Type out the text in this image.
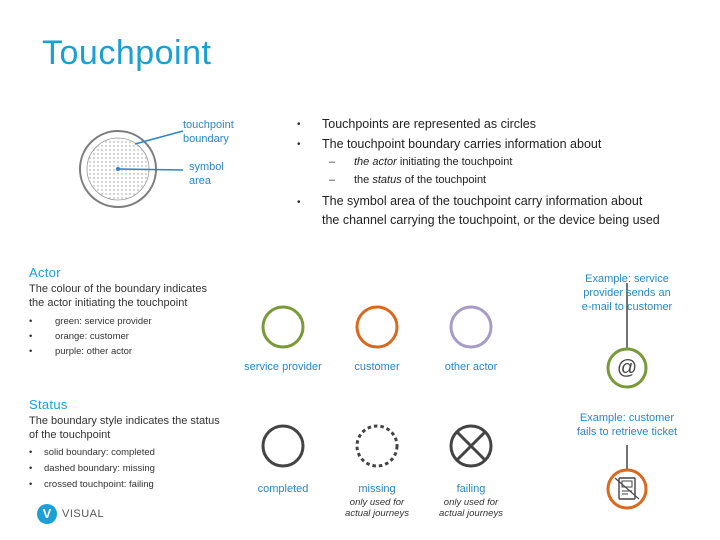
Touchpoint
touchpoint
boundary
symbol
area
• Touchpoints are represented as circles
• The touchpoint boundary carries information about
– the actor initiating the touchpoint
– the status of the touchpoint
• The symbol area of the touchpoint carry information about
the channel carrying the touchpoint, or the device being used
Actor
The colour of the boundary indicates
the actor initiating the touchpoint
• green: service provider
• orange: customer
• purple: other actor
service provider	customer	other actor
Example: service
provider sends an
e-mail to customer
@
Status
The boundary style indicates the status
of the touchpoint
• solid boundary: completed
• dashed boundary: missing
• crossed touchpoint: failing	completed	missing	failing
only used for
actual journeys
only used for
actual journeys
Example: customer
fails to retrieve ticket
V VISUAL
